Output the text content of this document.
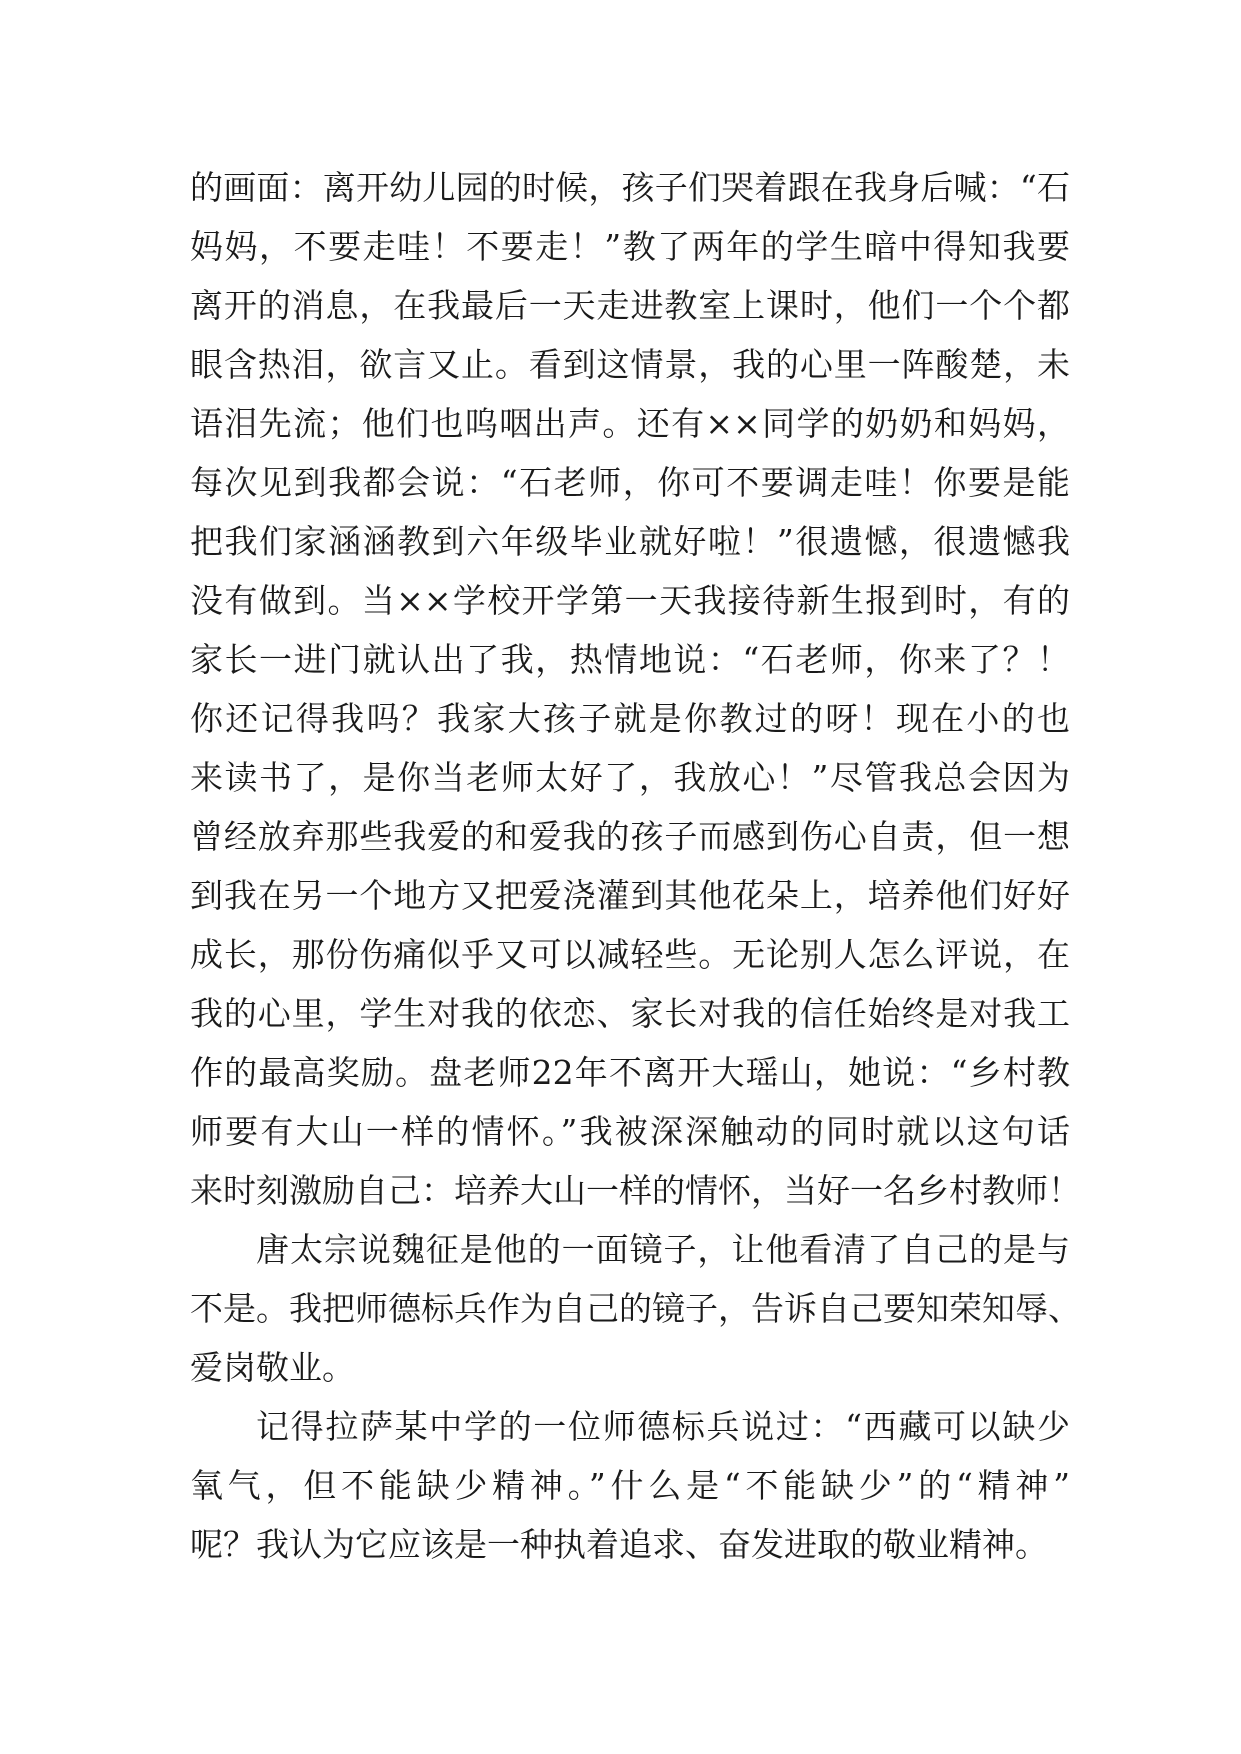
的画面：离开幼儿园的时候，孩子们哭着跟在我身后喊：“石
妈妈，不要走哇！不要走！”教了两年的学生暗中得知我要
离开的消息，在我最后一天走进教室上课时，他们一个个都
眼含热泪，欲言又止。看到这情景，我的心里一阵酸楚，未
语泪先流；他们也呜咽出声。还有××同学的奶奶和妈妈，
每次见到我都会说：“石老师，你可不要调走哇！你要是能
把我们家涵涵教到六年级毕业就好啦！”很遗憾，很遗憾我
没有做到。当××学校开学第一天我接待新生报到时，有的
家长一进门就认出了我，热情地说：“石老师，你来了？！
你还记得我吗？我家大孩子就是你教过的呀！现在小的也
来读书了，是你当老师太好了，我放心！”尽管我总会因为
曾经放弃那些我爱的和爱我的孩子而感到伤心自责，但一想
到我在另一个地方又把爱浇灌到其他花朵上，培养他们好好
成长，那份伤痛似乎又可以减轻些。无论别人怎么评说，在
我的心里，学生对我的依恋、家长对我的信任始终是对我工
作的最高奖励。盘老师22年不离开大瑶山，她说：“乡村教
师要有大山一样的情怀。”我被深深触动的同时就以这句话
来时刻激励自己：培养大山一样的情怀，当好一名乡村教师！
唐太宗说魏征是他的一面镜子，让他看清了自己的是与
不是。我把师德标兵作为自己的镜子，告诉自己要知荣知辱、
爱岗敬业。
记得拉萨某中学的一位师德标兵说过：“西藏可以缺少
氧气，但不能缺少精神。”什么是“不能缺少”的“精神”
呢？我认为它应该是一种执着追求、奋发进取的敬业精神。
